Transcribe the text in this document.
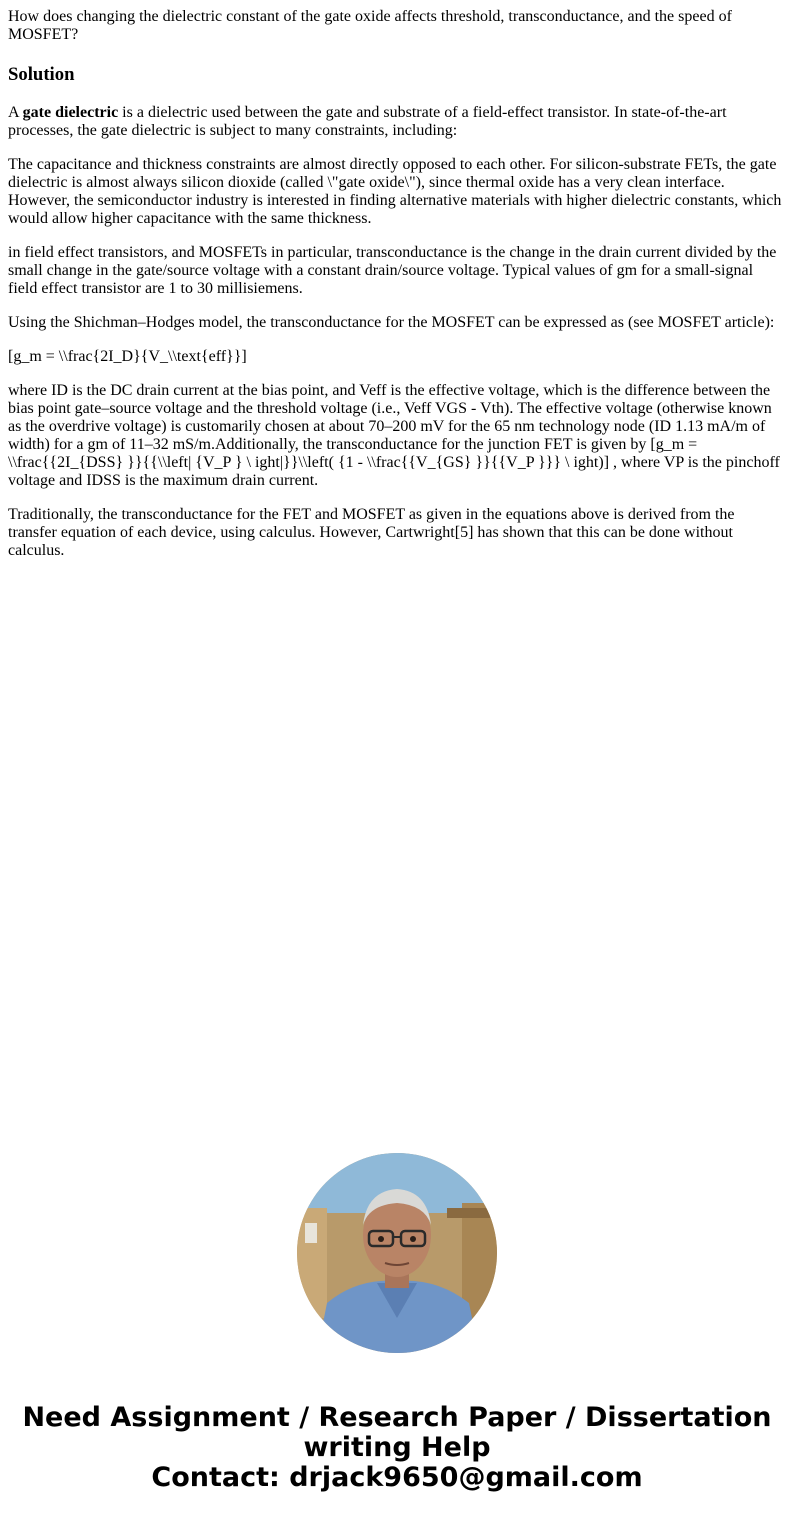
How does changing the dielectric constant of the gate oxide affects threshold, transconductance, and the speed of MOSFET?

Solution

A gate dielectric is a dielectric used between the gate and substrate of a field-effect transistor. In state-of-the-art processes, the gate dielectric is subject to many constraints, including:

The capacitance and thickness constraints are almost directly opposed to each other. For silicon-substrate FETs, the gate dielectric is almost always silicon dioxide (called \"gate oxide\"), since thermal oxide has a very clean interface. However, the semiconductor industry is interested in finding alternative materials with higher dielectric constants, which would allow higher capacitance with the same thickness.

in field effect transistors, and MOSFETs in particular, transconductance is the change in the drain current divided by the small change in the gate/source voltage with a constant drain/source voltage. Typical values of gm for a small-signal field effect transistor are 1 to 30 millisiemens.

Using the Shichman–Hodges model, the transconductance for the MOSFET can be expressed as (see MOSFET article):

[g_m = \\frac{2I_D}{V_\\text{eff}}]

where ID is the DC drain current at the bias point, and Veff is the effective voltage, which is the difference between the bias point gate–source voltage and the threshold voltage (i.e., Veff VGS - Vth). The effective voltage (otherwise known as the overdrive voltage) is customarily chosen at about 70–200 mV for the 65 nm technology node (ID 1.13 mA/m of width) for a gm of 11–32 mS/m.Additionally, the transconductance for the junction FET is given by [g_m = \\frac{{2I_{DSS} }}{{\\left| {V_P } \ ight|}}\\left( {1 - \\frac{{V_{GS} }}{{V_P }}} \ ight)] , where VP is the pinchoff voltage and IDSS is the maximum drain current.

Traditionally, the transconductance for the FET and MOSFET as given in the equations above is derived from the transfer equation of each device, using calculus. However, Cartwright[5] has shown that this can be done without calculus.

Need Assignment / Research Paper / Dissertation
writing Help
Contact: drjack9650@gmail.com
